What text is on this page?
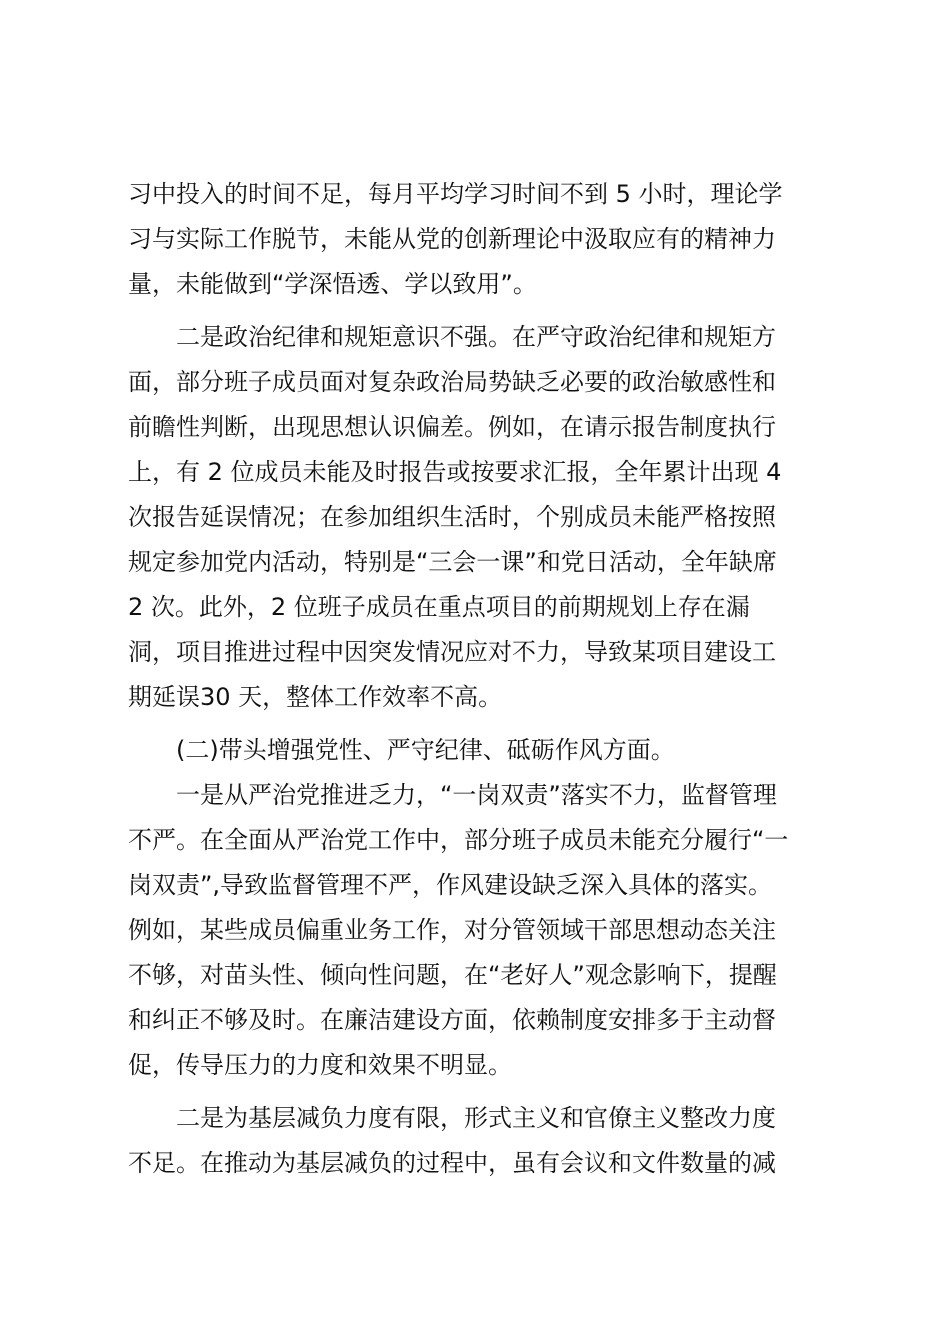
习中投入的时间不足，每月平均学习时间不到 5 小时，理论学
习与实际工作脱节，未能从党的创新理论中汲取应有的精神力
量，未能做到“学深悟透、学以致用”。
　　二是政治纪律和规矩意识不强。在严守政治纪律和规矩方
面，部分班子成员面对复杂政治局势缺乏必要的政治敏感性和
前瞻性判断，出现思想认识偏差。例如，在请示报告制度执行
上，有 2 位成员未能及时报告或按要求汇报，全年累计出现 4
次报告延误情况；在参加组织生活时，个别成员未能严格按照
规定参加党内活动，特别是“三会一课”和党日活动，全年缺席
2 次。此外，2 位班子成员在重点项目的前期规划上存在漏
洞，项目推进过程中因突发情况应对不力，导致某项目建设工
期延误30 天，整体工作效率不高。
　　(二)带头增强党性、严守纪律、砥砺作风方面。
　　一是从严治党推进乏力，“一岗双责”落实不力，监督管理
不严。在全面从严治党工作中，部分班子成员未能充分履行“一
岗双责”,导致监督管理不严，作风建设缺乏深入具体的落实。
例如，某些成员偏重业务工作，对分管领域干部思想动态关注
不够，对苗头性、倾向性问题，在“老好人”观念影响下，提醒
和纠正不够及时。在廉洁建设方面，依赖制度安排多于主动督
促，传导压力的力度和效果不明显。
　　二是为基层减负力度有限，形式主义和官僚主义整改力度
不足。在推动为基层减负的过程中，虽有会议和文件数量的减
